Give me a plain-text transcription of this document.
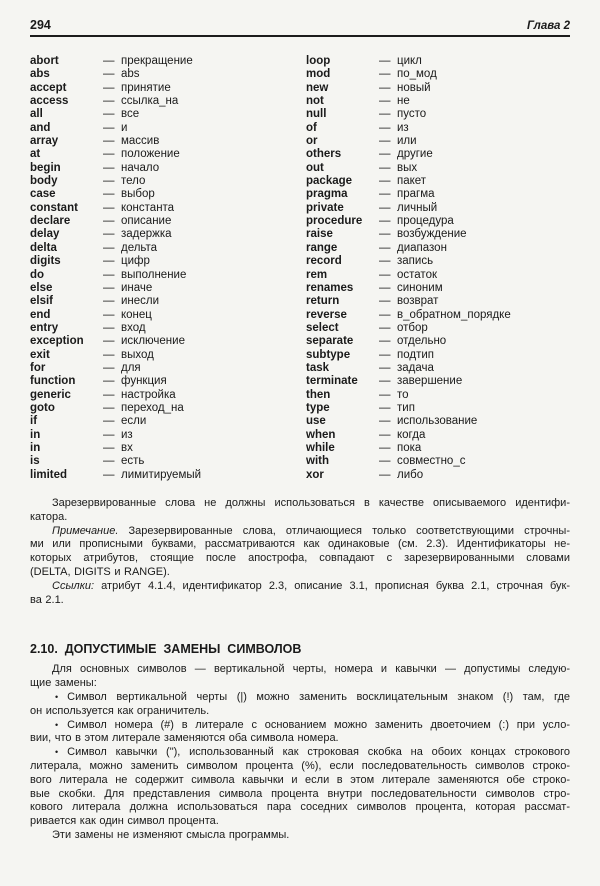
294	Глава 2
abort	— прекращение
abs	— abs
accept	— принятие
access	— ссылка_на
all	— все
and	— и
array	— массив
at	— положение
begin	— начало
body	— тело
case	— выбор
constant	— константа
declare	— описание
delay	— задержка
delta	— дельта
digits	— цифр
do	— выполнение
else	— иначе
elsif	— инесли
end	— конец
entry	— вход
exception	— исключение
exit	— выход
for	— для
function	— функция
generic	— настройка
goto	— переход_на
if	— если
in	— из
in	— вх
is	— есть
limited	— лимитируемый
loop	— цикл
mod	— по_мод
new	— новый
not	— не
null	— пусто
of	— из
or	— или
others	— другие
out	— вых
package	— пакет
pragma	— прагма
private	— личный
procedure	— процедура
raise	— возбуждение
range	— диапазон
record	— запись
rem	— остаток
renames	— синоним
return	— возврат
reverse	— в_обратном_порядке
select	— отбор
separate	— отдельно
subtype	— подтип
task	— задача
terminate	— завершение
then	— то
type	— тип
use	— использование
when	— когда
while	— пока
with	— совместно_с
xor	— либо
Зарезервированные слова не должны использоваться в качестве описываемого идентифи-
катора.
Примечание. Зарезервированные слова, отличающиеся только соответствующими строчны-
ми или прописными буквами, рассматриваются как одинаковые (см. 2.3). Идентификаторы не-
которых атрибутов, стоящие после апострофа, совпадают с зарезервированными словами
(DELTA, DIGITS и RANGE).
Ссылки: атрибут 4.1.4, идентификатор 2.3, описание 3.1, прописная буква 2.1, строчная бук-
ва 2.1.
2.10. ДОПУСТИМЫЕ ЗАМЕНЫ СИМВОЛОВ
Для основных символов — вертикальной черты, номера и кавычки — допустимы следую-
щие замены:
• Символ вертикальной черты (|) можно заменить восклицательным знаком (!) там, где
он используется как ограничитель.
• Символ номера (#) в литерале с основанием можно заменить двоеточием (:) при усло-
вии, что в этом литерале заменяются оба символа номера.
• Символ кавычки ("), использованный как строковая скобка на обоих концах строкового
литерала, можно заменить символом процента (%), если последовательность символов строко-
вого литерала не содержит символа кавычки и если в этом литерале заменяются обе строко-
вые скобки. Для представления символа процента внутри последовательности символов стро-
кового литерала должна использоваться пара соседних символов процента, которая рассмат-
ривается как один символ процента.
Эти замены не изменяют смысла программы.
